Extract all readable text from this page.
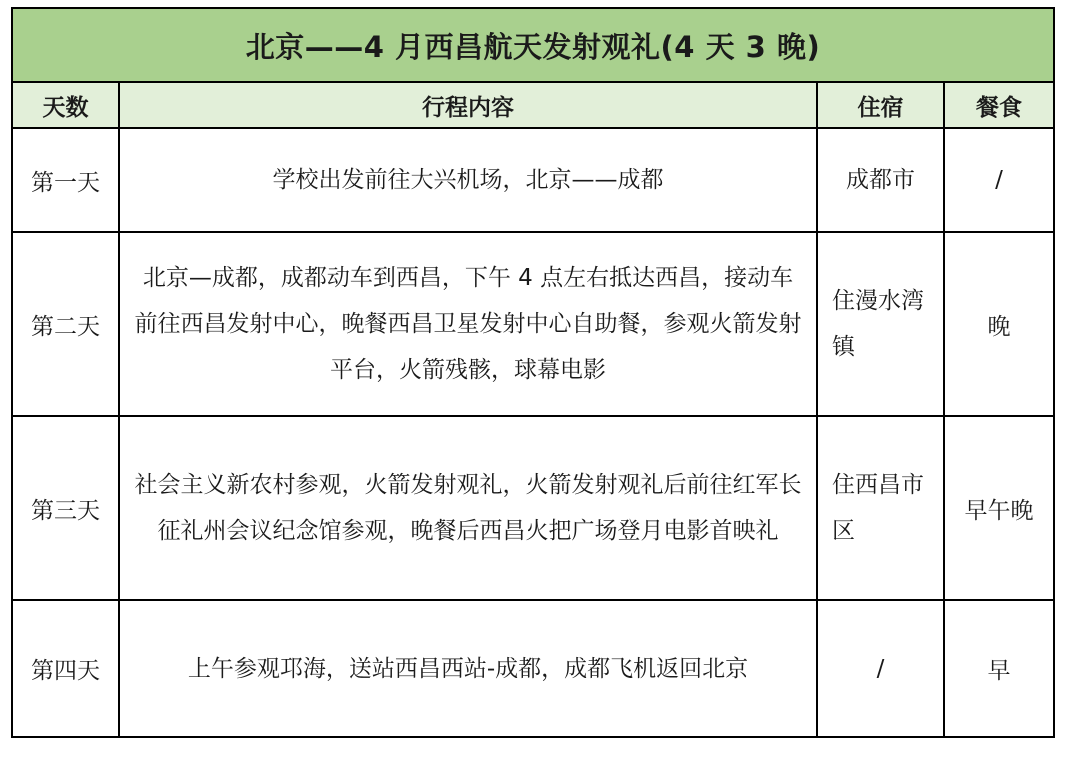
北京——4 月西昌航天发射观礼(4 天 3 晚)			
天数	行程内容	住宿	餐食
第一天	学校出发前往大兴机场，北京——成都	成都市	/
第二天	北京—成都，成都动车到西昌，下午 4 点左右抵达西昌，接动车前往西昌发射中心，晚餐西昌卫星发射中心自助餐，参观火箭发射平台，火箭残骸，球幕电影	住漫水湾镇	晚
第三天	社会主义新农村参观，火箭发射观礼，火箭发射观礼后前往红军长征礼州会议纪念馆参观，晚餐后西昌火把广场登月电影首映礼	住西昌市区	早午晚
第四天	上午参观邛海，送站西昌西站-成都，成都飞机返回北京	/	早
